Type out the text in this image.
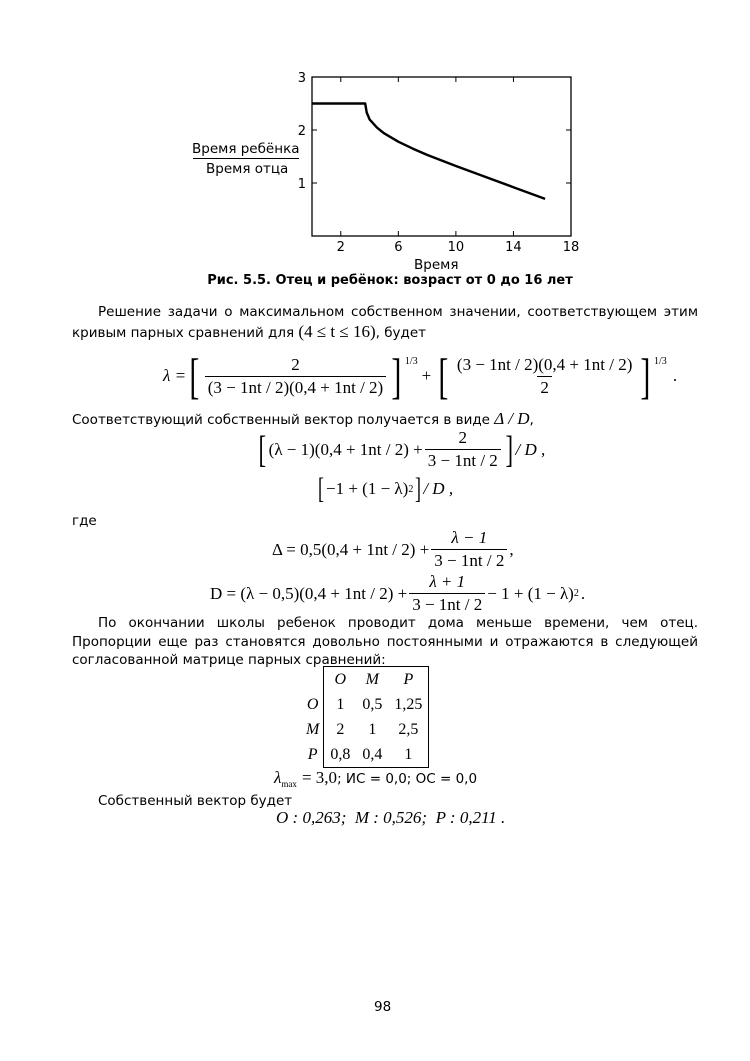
2	6	10	14	18
1
2
3
Время ребёнка
Время отца
Время
Рис. 5.5. Отец и ребёнок: возраст от 0 до 16 лет
Решение задачи о максимальном собственном значении, соответствующем этим кривым парных сравнений для (4 ≤ t ≤ 16), будет
λ = [ $\frac{2}{(3 - 1nt / 2)(0,4 + 1nt / 2)}$ ] 1/3
+ [ $\frac{(3 - 1nt / 2)(0,4 + 1nt / 2)}{2}$ ] 1/3
.
Соответствующий собственный вектор получается в виде Δ / D,
[ $(\lambda - 1)(0,4 + 1nt / 2) + \frac{2}{3 - 1nt / 2}$ ] / D ,
[ −1 + (1 − λ) 2 ] / D ,
где
$\Delta = 0,5(0,4 + 1nt / 2) + \frac{\lambda - 1}{3 - 1nt / 2}$ ,
$D = (\lambda - 0,5)(0,4 + 1nt / 2) + \frac{\lambda + 1}{3 - 1nt / 2} - 1 + (1 - \lambda)$ 2 .
По окончании школы ребенок проводит дома меньше времени, чем отец. Пропорции еще раз становятся довольно постоянными и отражаются в следующей согласованной матрице парных сравнений:
	O	M	P
O	1	0,5	1,25
M	2	1	2,5
P	0,8	0,4	1
$\lambda_{max} = 3,0$; ИС = 0,0; ОС = 0,0
Собственный вектор будет
O : 0,263;  M : 0,526;  P : 0,211 .
98
